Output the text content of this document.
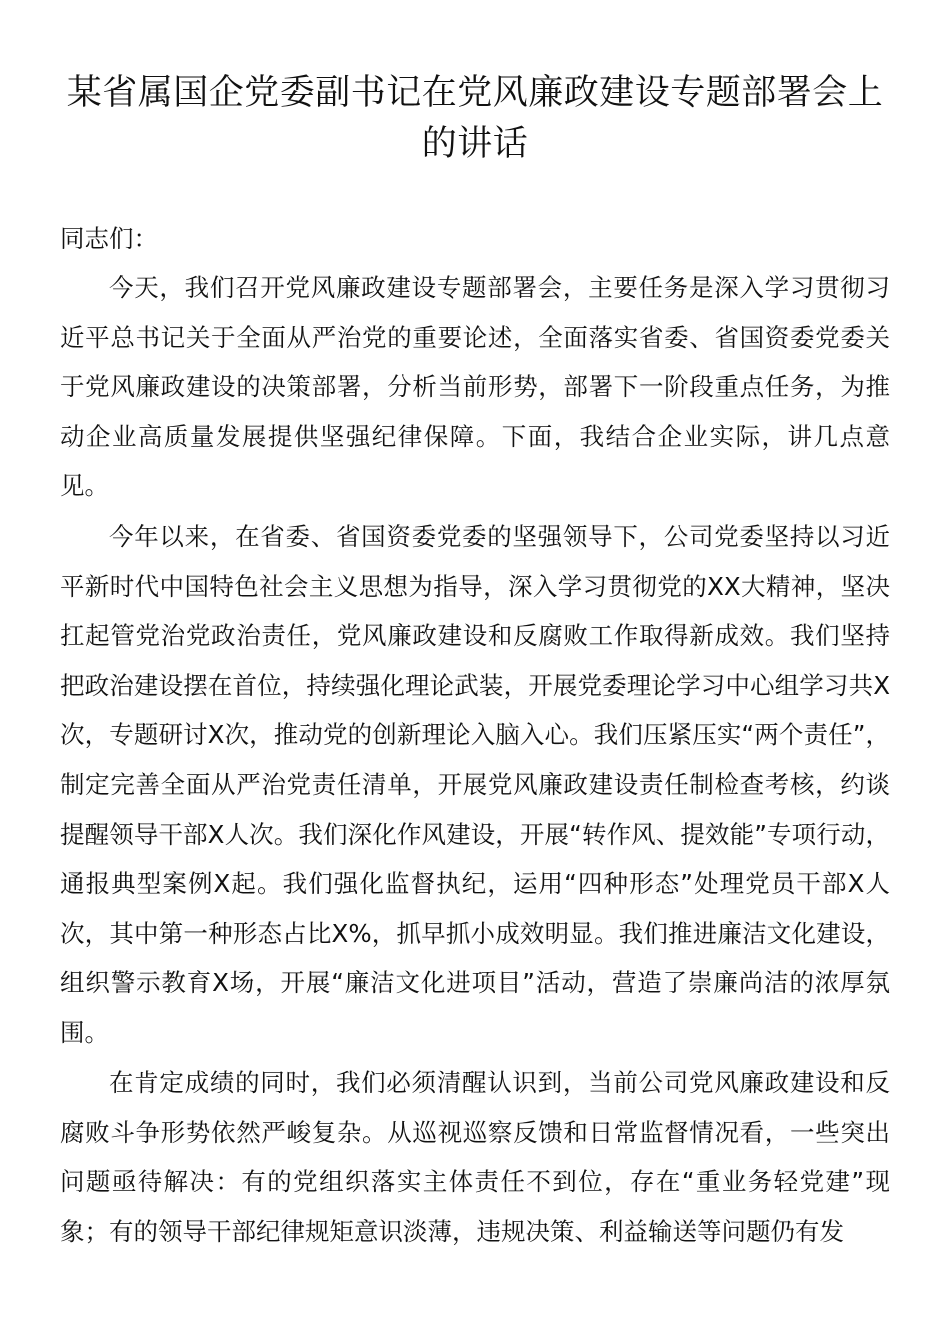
某省属国企党委副书记在党风廉政建设专题部署会上的讲话

同志们：

今天，我们召开党风廉政建设专题部署会，主要任务是深入学习贯彻习近平总书记关于全面从严治党的重要论述，全面落实省委、省国资委党委关于党风廉政建设的决策部署，分析当前形势，部署下一阶段重点任务，为推动企业高质量发展提供坚强纪律保障。下面，我结合企业实际，讲几点意见。

今年以来，在省委、省国资委党委的坚强领导下，公司党委坚持以习近平新时代中国特色社会主义思想为指导，深入学习贯彻党的XX大精神，坚决扛起管党治党政治责任，党风廉政建设和反腐败工作取得新成效。我们坚持把政治建设摆在首位，持续强化理论武装，开展党委理论学习中心组学习共X次，专题研讨X次，推动党的创新理论入脑入心。我们压紧压实“两个责任”，制定完善全面从严治党责任清单，开展党风廉政建设责任制检查考核，约谈提醒领导干部X人次。我们深化作风建设，开展“转作风、提效能”专项行动，通报典型案例X起。我们强化监督执纪，运用“四种形态”处理党员干部X人次，其中第一种形态占比X%，抓早抓小成效明显。我们推进廉洁文化建设，组织警示教育X场，开展“廉洁文化进项目”活动，营造了崇廉尚洁的浓厚氛围。

在肯定成绩的同时，我们必须清醒认识到，当前公司党风廉政建设和反腐败斗争形势依然严峻复杂。从巡视巡察反馈和日常监督情况看，一些突出问题亟待解决：有的党组织落实主体责任不到位，存在“重业务轻党建”现象；有的领导干部纪律规矩意识淡薄，违规决策、利益输送等问题仍有发
